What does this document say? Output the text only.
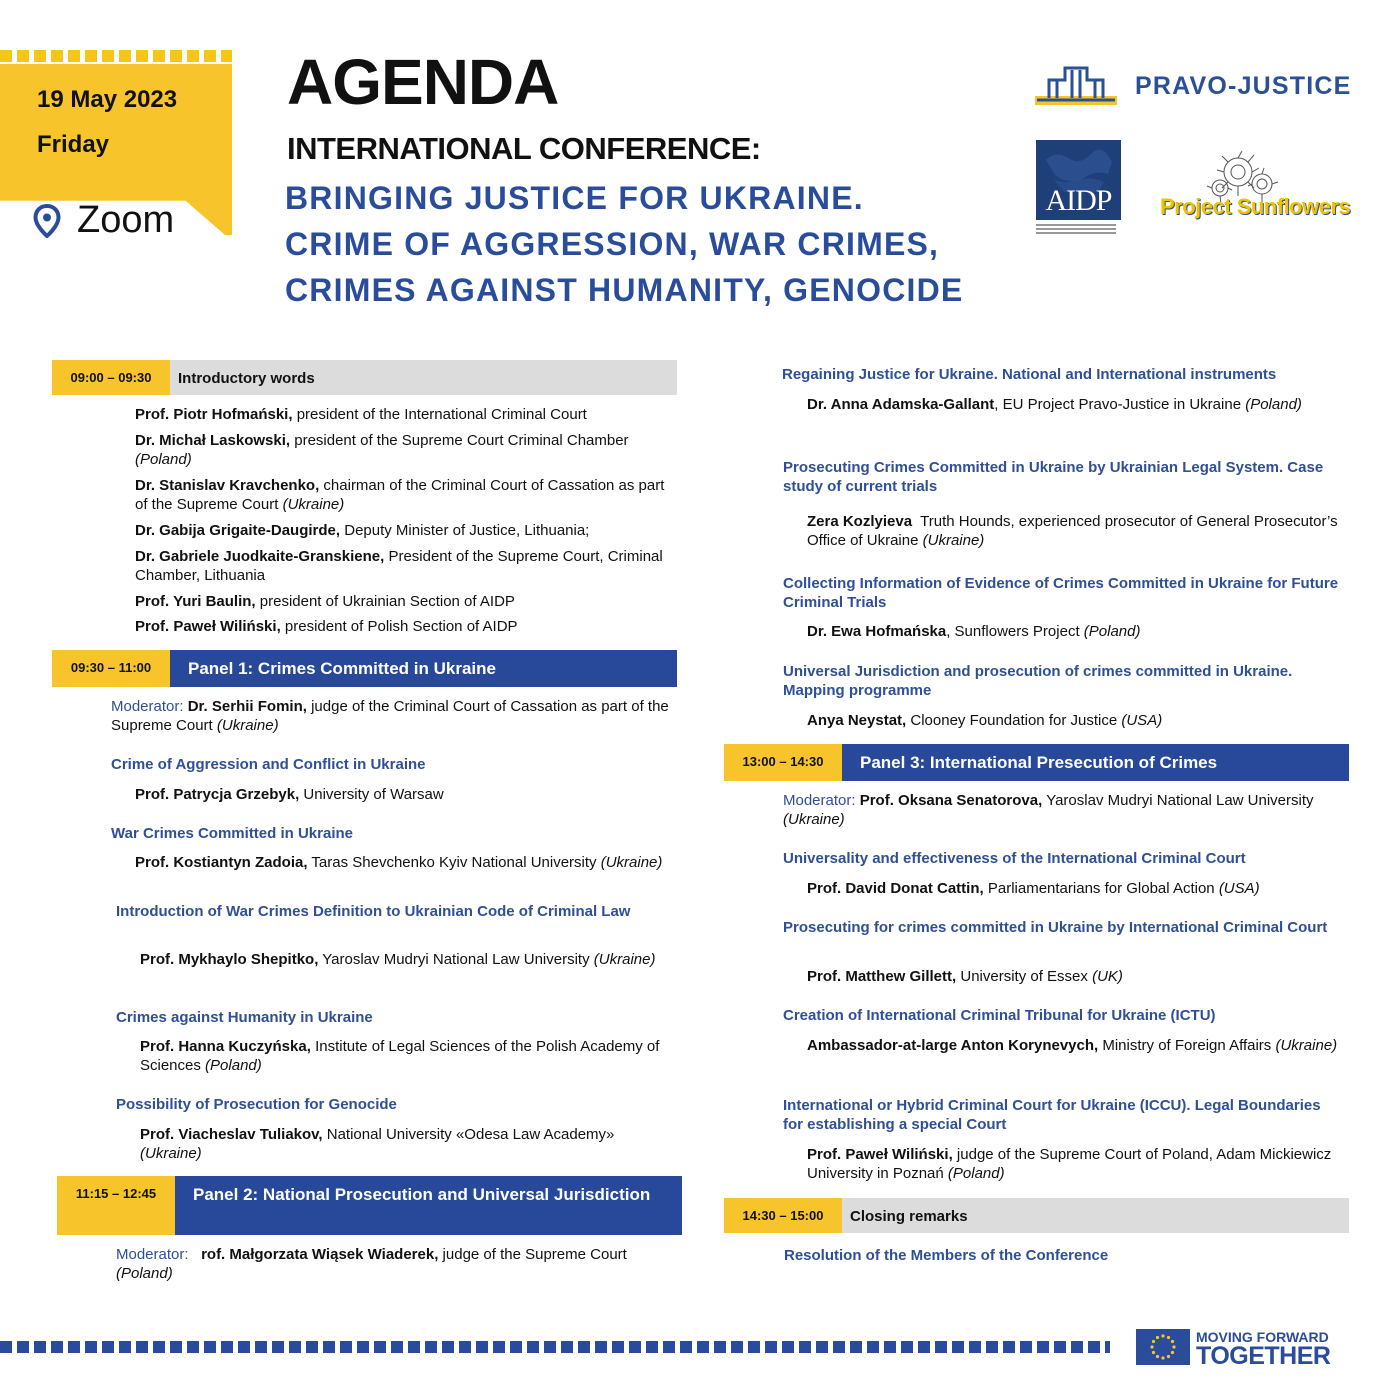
19 May 2023
Friday
Zoom
AGENDA
INTERNATIONAL CONFERENCE:
BRINGING JUSTICE FOR UKRAINE.
CRIME OF AGGRESSION, WAR CRIMES,
CRIMES AGAINST HUMANITY, GENOCIDE
PRAVO-JUSTICE
AIDP	Project Sunflowers
09:00 – 09:30	Introductory words
Prof. Piotr Hofmański, president of the International Criminal Court
Dr. Michał Laskowski, president of the Supreme Court Criminal Chamber (Poland)
Dr. Stanislav Kravchenko, chairman of the Criminal Court of Cassation as part of the Supreme Court (Ukraine)
Dr. Gabija Grigaite-Daugirde, Deputy Minister of Justice, Lithuania;
Dr. Gabriele Juodkaite-Granskiene, President of the Supreme Court, Criminal Chamber, Lithuania
Prof. Yuri Baulin, president of Ukrainian Section of AIDP
Prof. Paweł Wiliński, president of Polish Section of AIDP
09:30 – 11:00	Panel 1: Crimes Committed in Ukraine
Moderator: Dr. Serhii Fomin, judge of the Criminal Court of Cassation as part of the Supreme Court (Ukraine)
Crime of Aggression and Conflict in Ukraine
Prof. Patrycja Grzebyk, University of Warsaw
War Crimes Committed in Ukraine
Prof. Kostiantyn Zadoia, Taras Shevchenko Kyiv National University (Ukraine)
Introduction of War Crimes Definition to Ukrainian Code of Criminal Law
Prof. Mykhaylo Shepitko, Yaroslav Mudryi National Law University (Ukraine)
Crimes against Humanity in Ukraine
Prof. Hanna Kuczyńska, Institute of Legal Sciences of the Polish Academy of Sciences (Poland)
Possibility of Prosecution for Genocide
Prof. Viacheslav Tuliakov, National University «Odesa Law Academy» (Ukraine)
11:15 – 12:45	Panel 2: National Prosecution and Universal Jurisdiction
Moderator: rof. Małgorzata Wiąsek Wiaderek, judge of the Supreme Court (Poland)
Regaining Justice for Ukraine. National and International instruments
Dr. Anna Adamska-Gallant, EU Project Pravo-Justice in Ukraine (Poland)
Prosecuting Crimes Committed in Ukraine by Ukrainian Legal System. Case study of current trials
Zera Kozlyieva Truth Hounds, experienced prosecutor of General Prosecutor’s Office of Ukraine (Ukraine)
Collecting Information of Evidence of Crimes Committed in Ukraine for Future Criminal Trials
Dr. Ewa Hofmańska, Sunflowers Project (Poland)
Universal Jurisdiction and prosecution of crimes committed in Ukraine. Mapping programme
Anya Neystat, Clooney Foundation for Justice (USA)
13:00 – 14:30	Panel 3: International Presecution of Crimes
Moderator: Prof. Oksana Senatorova, Yaroslav Mudryi National Law University (Ukraine)
Universality and effectiveness of the International Criminal Court
Prof. David Donat Cattin, Parliamentarians for Global Action (USA)
Prosecuting for crimes committed in Ukraine by International Criminal Court
Prof. Matthew Gillett, University of Essex (UK)
Creation of International Criminal Tribunal for Ukraine (ICTU)
Ambassador-at-large Anton Korynevych, Ministry of Foreign Affairs (Ukraine)
International or Hybrid Criminal Court for Ukraine (ICCU). Legal Boundaries for establishing a special Court
Prof. Paweł Wiliński, judge of the Supreme Court of Poland, Adam Mickiewicz University in Poznań (Poland)
14:30 – 15:00	Closing remarks
Resolution of the Members of the Conference
MOVING FORWARD
TOGETHER
